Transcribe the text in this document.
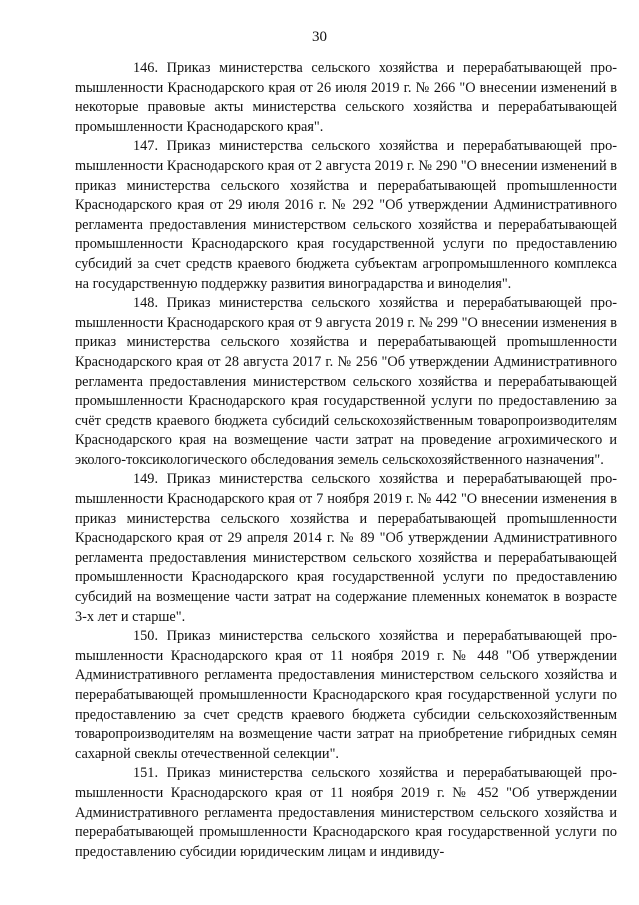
30

146. Приказ министерства сельского хозяйства и перерабатывающей проmышленности Краснодарского края от 26 июля 2019 г. № 266 "О внесении изменений в некоторые правовые акты министерства сельского хозяйства и перерабатывающей промышленности Краснодарского края".

147. Приказ министерства сельского хозяйства и перерабатывающей проmышленности Краснодарского края от 2 августа 2019 г. № 290 "О внесении изменений в приказ министерства сельского хозяйства и перерабатывающей проmышленности Краснодарского края от 29 июля 2016 г. № 292 "Об утверждении Административного регламента предоставления министерством сельского хозяйства и перерабатывающей промышленности Краснодарского края государственной услуги по предоставлению субсидий за счет средств краевого бюджета субъектам агропромышленного комплекса на государственную поддержку развития виноградарства и виноделия".

148. Приказ министерства сельского хозяйства и перерабатывающей проmышленности Краснодарского края от 9 августа 2019 г. № 299 "О внесении изменения в приказ министерства сельского хозяйства и перерабатывающей проmышленности Краснодарского края от 28 августа 2017 г. № 256 "Об утверждении Административного регламента предоставления министерством сельского хозяйства и перерабатывающей промышленности Краснодарского края государственной услуги по предоставлению за счёт средств краевого бюджета субсидий сельскохозяйственным товаропроизводителям Краснодарского края на возмещение части затрат на проведение агрохимического и эколого-токсикологического обследования земель сельскохозяйственного назначения".

149. Приказ министерства сельского хозяйства и перерабатывающей проmышленности Краснодарского края от 7 ноября 2019 г. № 442 "О внесении изменения в приказ министерства сельского хозяйства и перерабатывающей проmышленности Краснодарского края от 29 апреля 2014 г. № 89 "Об утверждении Административного регламента предоставления министерством сельского хозяйства и перерабатывающей промышленности Краснодарского края государственной услуги по предоставлению субсидий на возмещение части затрат на содержание племенных конематок в возрасте 3-х лет и старше".

150. Приказ министерства сельского хозяйства и перерабатывающей проmышленности Краснодарского края от 11 ноября 2019 г. № 448 "Об утверждении Административного регламента предоставления министерством сельского хозяйства и перерабатывающей промышленности Краснодарского края государственной услуги по предоставлению за счет средств краевого бюджета субсидии сельскохозяйственным товаропроизводителям на возмещение части затрат на приобретение гибридных семян сахарной свеклы отечественной селекции".

151. Приказ министерства сельского хозяйства и перерабатывающей проmышленности Краснодарского края от 11 ноября 2019 г. № 452 "Об утверждении Административного регламента предоставления министерством сельского хозяйства и перерабатывающей промышленности Краснодарского края государственной услуги по предоставлению субсидии юридическим лицам и индивиду-
